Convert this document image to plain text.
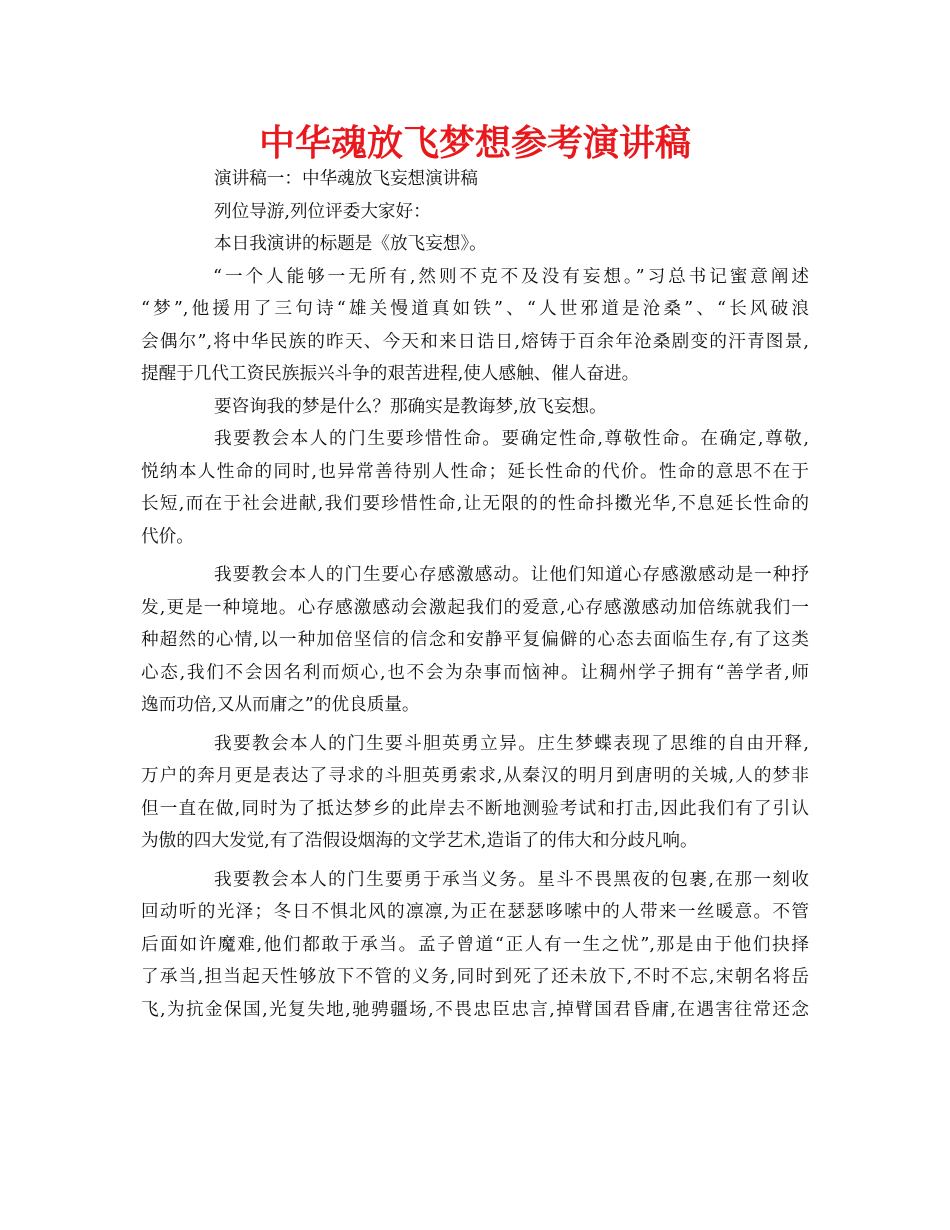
中华魂放飞梦想参考演讲稿
演讲稿一：中华魂放飞妄想演讲稿
列位导游,列位评委大家好：
本日我演讲的标题是《放飞妄想》。
“一个人能够一无所有,然则不克不及没有妄想。”习总书记蜜意阐述
“梦”,他援用了三句诗“雄关慢道真如铁”、“人世邪道是沧桑”、“长风破浪
会偶尔”,将中华民族的昨天、今天和来日诰日,熔铸于百余年沧桑剧变的汗青图景,
提醒于几代工资民族振兴斗争的艰苦进程,使人感触、催人奋进。
要咨询我的梦是什么？那确实是教诲梦,放飞妄想。
我要教会本人的门生要珍惜性命。要确定性命,尊敬性命。在确定,尊敬,
悦纳本人性命的同时,也异常善待别人性命；延长性命的代价。性命的意思不在于
长短,而在于社会进献,我们要珍惜性命,让无限的的性命抖擞光华,不息延长性命的
代价。
我要教会本人的门生要心存感激感动。让他们知道心存感激感动是一种抒
发,更是一种境地。心存感激感动会激起我们的爱意,心存感激感动加倍练就我们一
种超然的心情,以一种加倍坚信的信念和安静平复偏僻的心态去面临生存,有了这类
心态,我们不会因名利而烦心,也不会为杂事而恼神。让稠州学子拥有“善学者,师
逸而功倍,又从而庸之”的优良质量。
我要教会本人的门生要斗胆英勇立异。庄生梦蝶表现了思维的自由开释,
万户的奔月更是表达了寻求的斗胆英勇索求,从秦汉的明月到唐明的关城,人的梦非
但一直在做,同时为了抵达梦乡的此岸去不断地测验考试和打击,因此我们有了引认
为傲的四大发觉,有了浩假设烟海的文学艺术,造诣了的伟大和分歧凡响。
我要教会本人的门生要勇于承当义务。星斗不畏黑夜的包裹,在那一刻收
回动听的光泽；冬日不惧北风的凛凛,为正在瑟瑟哆嗦中的人带来一丝暖意。不管
后面如许魔难,他们都敢于承当。孟子曾道“正人有一生之忧”,那是由于他们抉择
了承当,担当起天性够放下不管的义务,同时到死了还未放下,不时不忘,宋朝名将岳
飞,为抗金保国,光复失地,驰骋疆场,不畏忠臣忠言,掉臂国君昏庸,在遇害往常还念
